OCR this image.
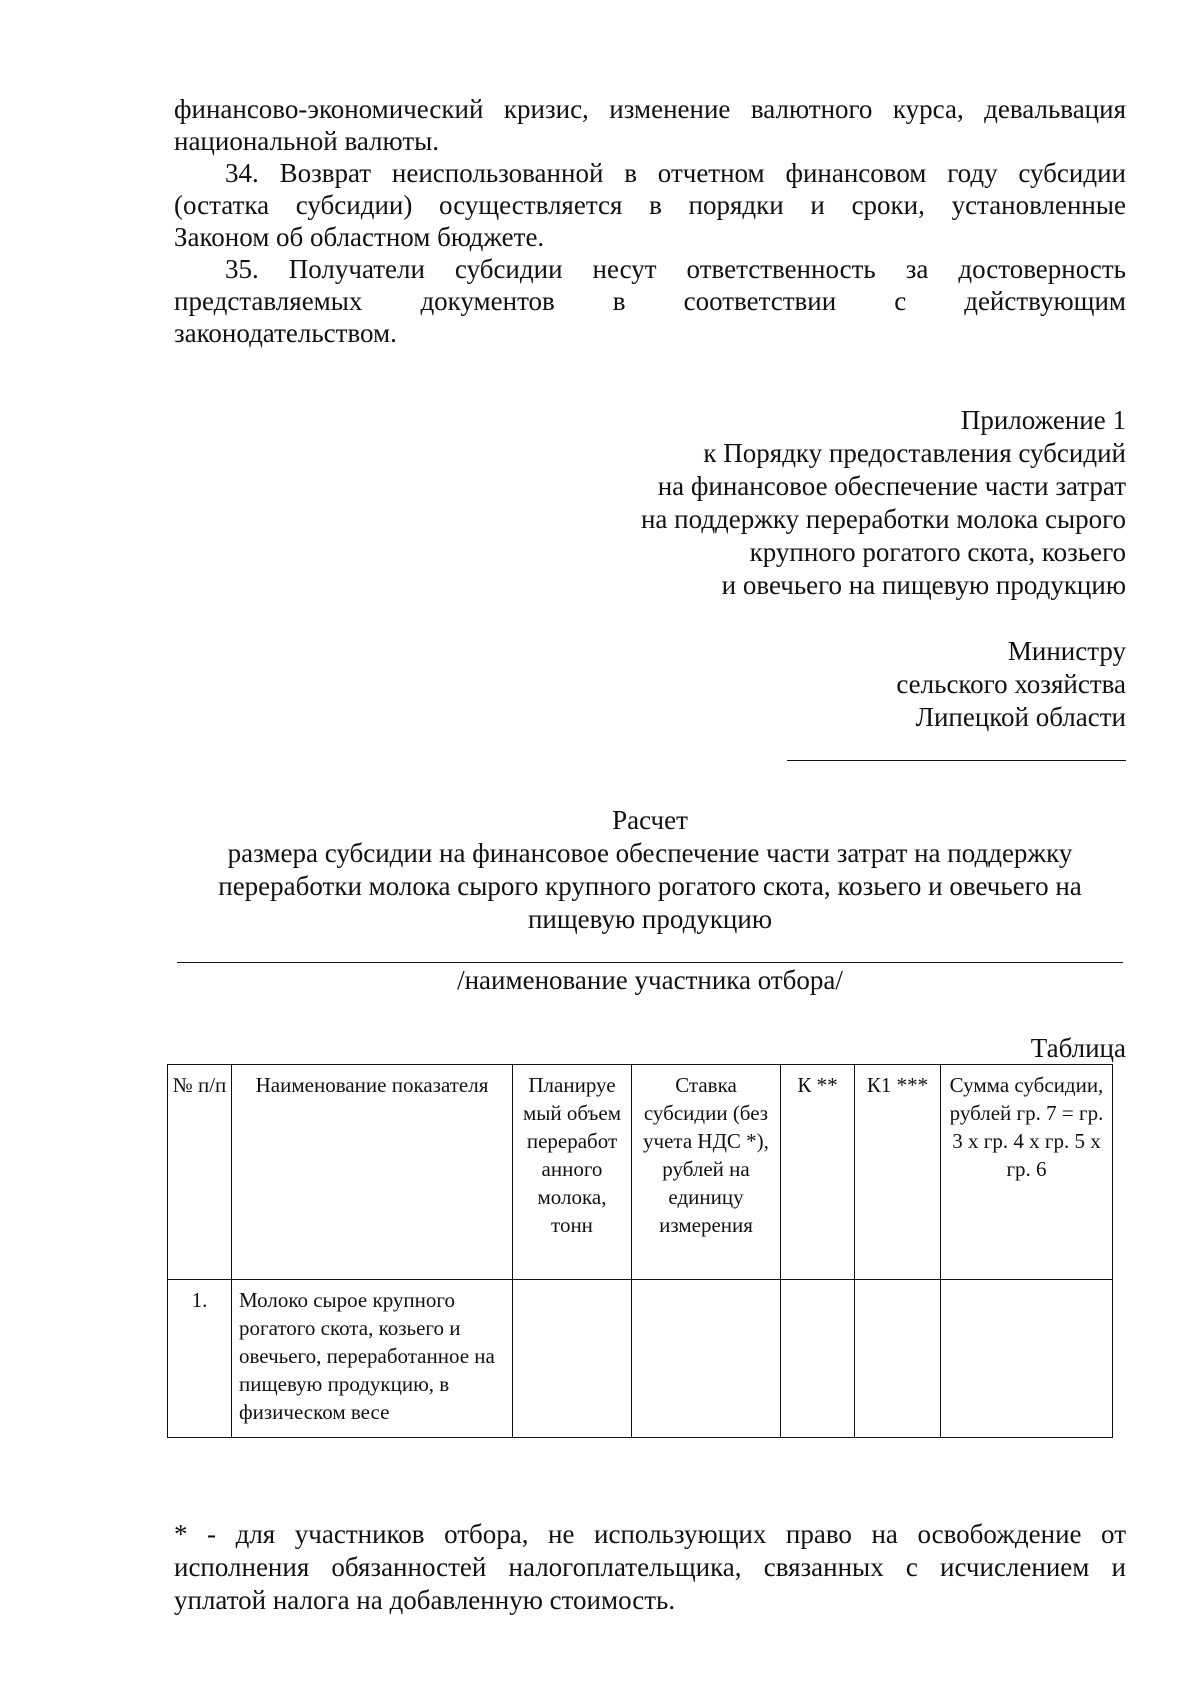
финансово-экономический кризис, изменение валютного курса, девальвация
национальной валюты.
34. Возврат неиспользованной в отчетном финансовом году субсидии
(остатка субсидии) осуществляется в порядки и сроки, установленные
Законом об областном бюджете.
35. Получатели субсидии несут ответственность за достоверность
представляемых документов в соответствии с действующим
законодательством.
Приложение 1
к Порядку предоставления субсидий
на финансовое обеспечение части затрат
на поддержку переработки молока сырого
крупного рогатого скота, козьего
и овечьего на пищевую продукцию
Министру
сельского хозяйства
Липецкой области
Расчет
размера субсидии на финансовое обеспечение части затрат на поддержку
переработки молока сырого крупного рогатого скота, козьего и овечьего на
пищевую продукцию
/наименование участника отбора/
Таблица
№ п/п	Наименование показателя	Планируе мый объем переработ анного молока, тонн	Ставка субсидии (без учета НДС *), рублей на единицу измерения	К **	К1 ***	Сумма субсидии, рублей гр. 7 = гр. 3 х гр. 4 х гр. 5 х гр. 6
1.	Молоко сырое крупного рогатого скота, козьего и овечьего, переработанное на пищевую продукцию, в физическом весе					
* - для участников отбора, не использующих право на освобождение от
исполнения обязанностей налогоплательщика, связанных с исчислением и
уплатой налога на добавленную стоимость.
